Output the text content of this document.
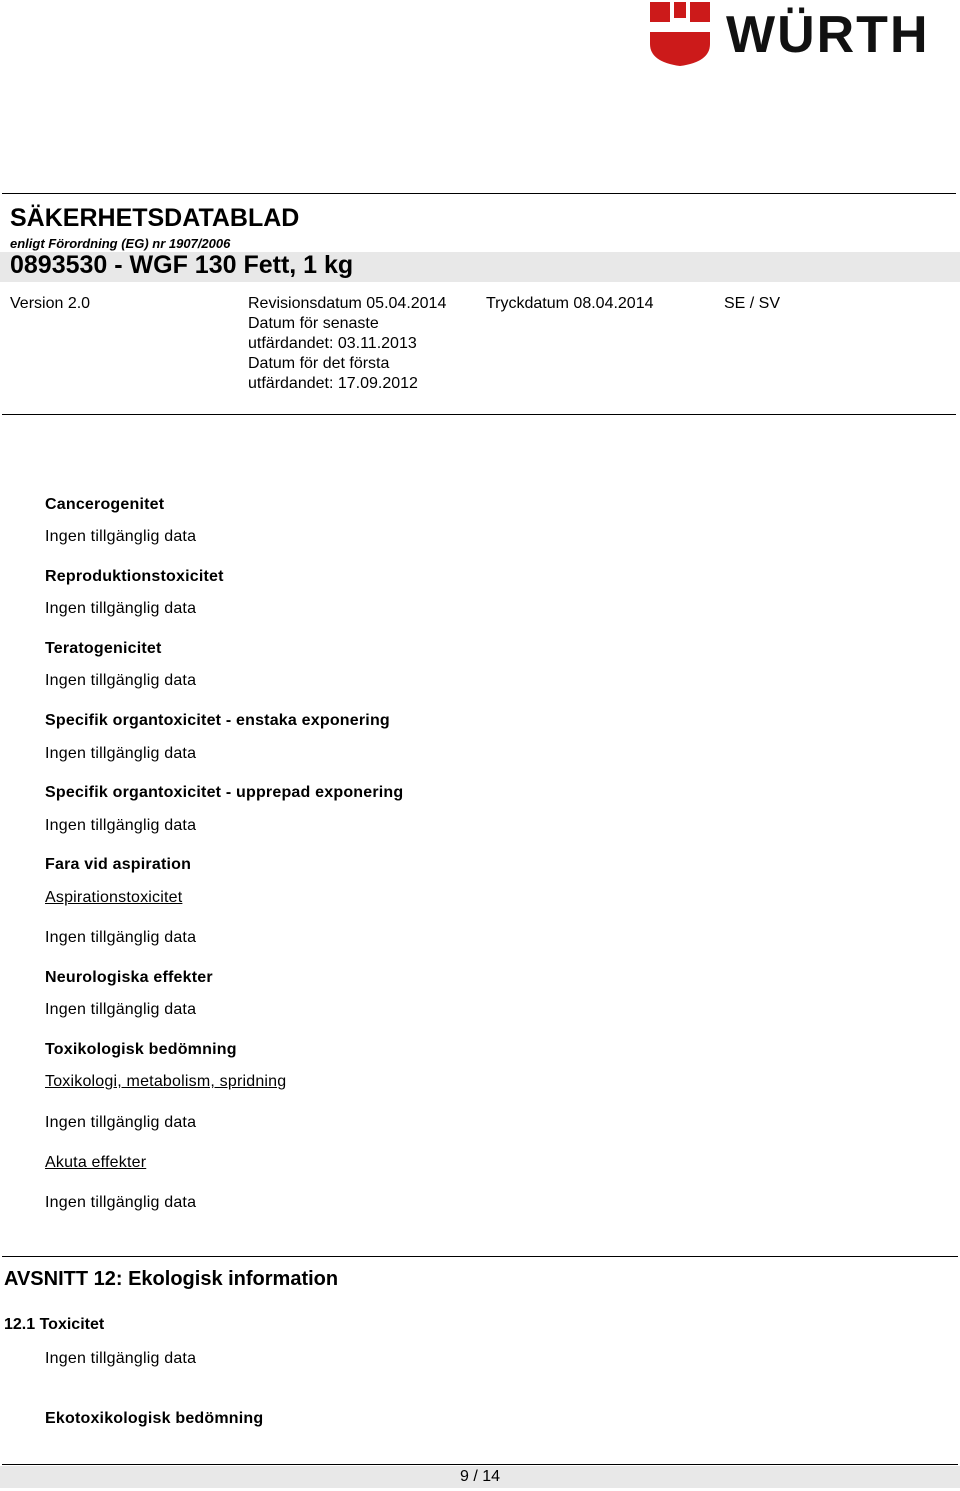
WÜRTH
SÄKERHETSDATABLAD
enligt Förordning (EG) nr 1907/2006
0893530 - WGF 130 Fett, 1 kg
Version 2.0	Revisionsdatum 05.04.2014
Datum för senaste
utfärdandet: 03.11.2013
Datum för det första
utfärdandet: 17.09.2012
Tryckdatum 08.04.2014	SE / SV
Cancerogenitet
Ingen tillgänglig data
Reproduktionstoxicitet
Ingen tillgänglig data
Teratogenicitet
Ingen tillgänglig data
Specifik organtoxicitet - enstaka exponering
Ingen tillgänglig data
Specifik organtoxicitet - upprepad exponering
Ingen tillgänglig data
Fara vid aspiration
Aspirationstoxicitet
Ingen tillgänglig data
Neurologiska effekter
Ingen tillgänglig data
Toxikologisk bedömning
Toxikologi, metabolism, spridning
Ingen tillgänglig data
Akuta effekter
Ingen tillgänglig data
AVSNITT 12: Ekologisk information
12.1 Toxicitet
Ingen tillgänglig data
Ekotoxikologisk bedömning
9 / 14
